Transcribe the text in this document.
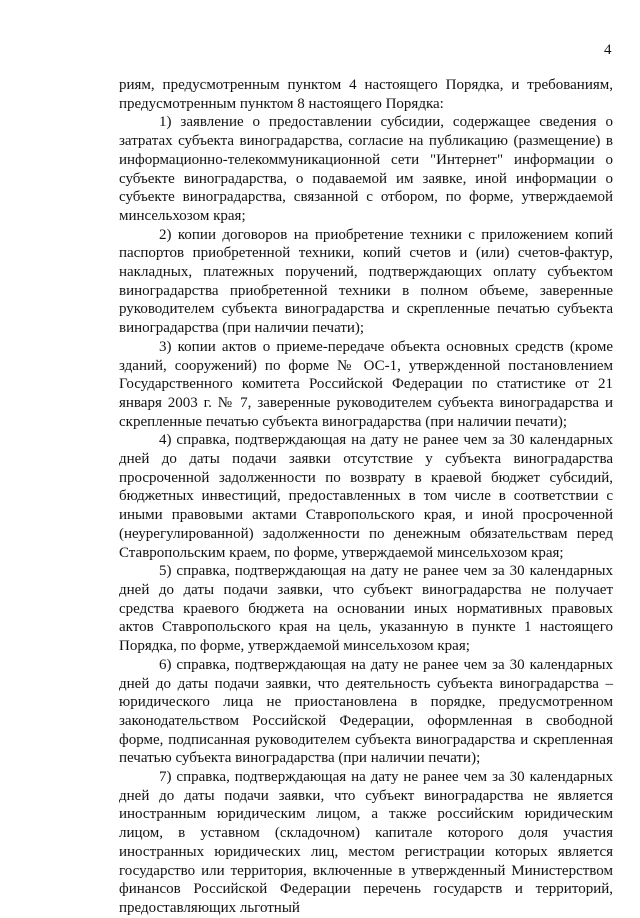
4

риям, предусмотренным пунктом 4 настоящего Порядка, и требованиям, предусмотренным пунктом 8 настоящего Порядка:

1) заявление о предоставлении субсидии, содержащее сведения о затратах субъекта виноградарства, согласие на публикацию (размещение) в информационно-телекоммуникационной сети "Интернет" информации о субъекте виноградарства, о подаваемой им заявке, иной информации о субъекте виноградарства, связанной с отбором, по форме, утверждаемой минсельхозом края;

2) копии договоров на приобретение техники с приложением копий паспортов приобретенной техники, копий счетов и (или) счетов-фактур, накладных, платежных поручений, подтверждающих оплату субъектом виноградарства приобретенной техники в полном объеме, заверенные руководителем субъекта виноградарства и скрепленные печатью субъекта виноградарства (при наличии печати);

3) копии актов о приеме-передаче объекта основных средств (кроме зданий, сооружений) по форме № ОС-1, утвержденной постановлением Государственного комитета Российской Федерации по статистике от 21 января 2003 г. № 7, заверенные руководителем субъекта виноградарства и скрепленные печатью субъекта виноградарства (при наличии печати);

4) справка, подтверждающая на дату не ранее чем за 30 календарных дней до даты подачи заявки отсутствие у субъекта виноградарства просроченной задолженности по возврату в краевой бюджет субсидий, бюджетных инвестиций, предоставленных в том числе в соответствии с иными правовыми актами Ставропольского края, и иной просроченной (неурегулированной) задолженности по денежным обязательствам перед Ставропольским краем, по форме, утверждаемой минсельхозом края;

5) справка, подтверждающая на дату не ранее чем за 30 календарных дней до даты подачи заявки, что субъект виноградарства не получает средства краевого бюджета на основании иных нормативных правовых актов Ставропольского края на цель, указанную в пункте 1 настоящего Порядка, по форме, утверждаемой минсельхозом края;

6) справка, подтверждающая на дату не ранее чем за 30 календарных дней до даты подачи заявки, что деятельность субъекта виноградарства – юридического лица не приостановлена в порядке, предусмотренном законодательством Российской Федерации, оформленная в свободной форме, подписанная руководителем субъекта виноградарства и скрепленная печатью субъекта виноградарства (при наличии печати);

7) справка, подтверждающая на дату не ранее чем за 30 календарных дней до даты подачи заявки, что субъект виноградарства не является иностранным юридическим лицом, а также российским юридическим лицом, в уставном (складочном) капитале которого доля участия иностранных юридических лиц, местом регистрации которых является государство или территория, включенные в утвержденный Министерством финансов Российской Федерации перечень государств и территорий, предоставляющих льготный
